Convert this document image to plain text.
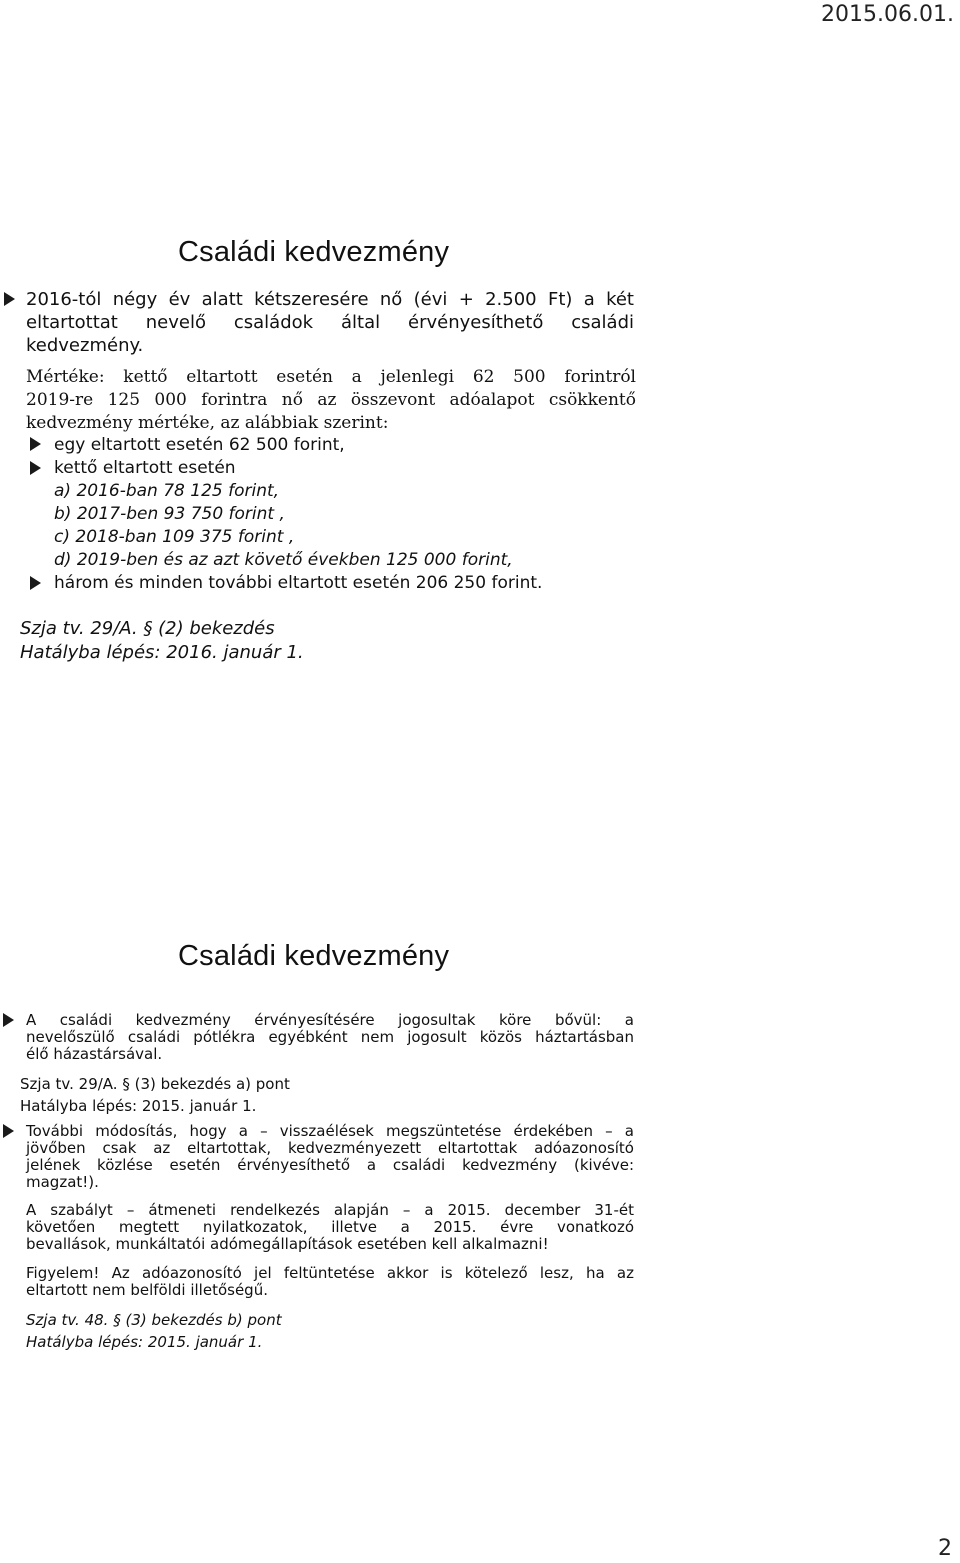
2015.06.01.
Családi kedvezmény
2016-tól négy év alatt kétszeresére nő (évi + 2.500 Ft) a két
eltartottat nevelő családok által érvényesíthető családi
kedvezmény.
Mértéke: kettő eltartott esetén a jelenlegi 62 500 forintról
2019-re 125 000 forintra nő az összevont adóalapot csökkentő
kedvezmény mértéke, az alábbiak szerint:
egy eltartott esetén 62 500 forint,
kettő eltartott esetén
a) 2016-ban 78 125 forint,
b) 2017-ben 93 750 forint ,
c) 2018-ban 109 375 forint ,
d) 2019-ben és az azt követő években 125 000 forint,
három és minden további eltartott esetén 206 250 forint.
Szja tv. 29/A. § (2) bekezdés
Hatályba lépés: 2016. január 1.
Családi kedvezmény
A családi kedvezmény érvényesítésére jogosultak köre bővül: a
nevelőszülő családi pótlékra egyébként nem jogosult közös háztartásban
élő házastársával.
Szja tv. 29/A. § (3) bekezdés a) pont
Hatályba lépés: 2015. január 1.
További módosítás, hogy a – visszaélések megszüntetése érdekében – a
jövőben csak az eltartottak, kedvezményezett eltartottak adóazonosító
jelének közlése esetén érvényesíthető a családi kedvezmény (kivéve:
magzat!).
A szabályt – átmeneti rendelkezés alapján – a 2015. december 31-ét
követően megtett nyilatkozatok, illetve a 2015. évre vonatkozó
bevallások, munkáltatói adómegállapítások esetében kell alkalmazni!
Figyelem! Az adóazonosító jel feltüntetése akkor is kötelező lesz, ha az
eltartott nem belföldi illetőségű.
Szja tv. 48. § (3) bekezdés b) pont
Hatályba lépés: 2015. január 1.
2
